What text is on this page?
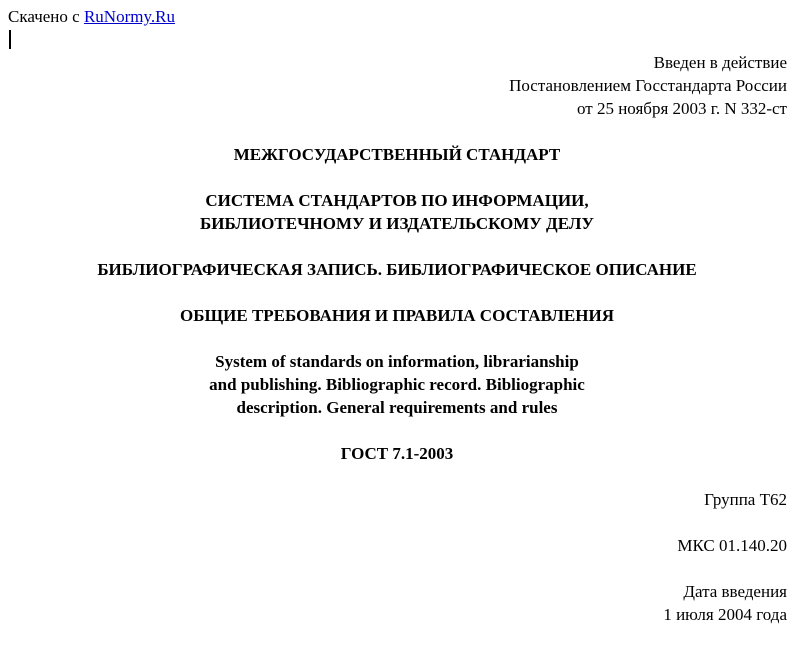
Скачено с RuNormy.Ru
Введен в действие
Постановлением Госстандарта России
от 25 ноября 2003 г. N 332-ст
МЕЖГОСУДАРСТВЕННЫЙ СТАНДАРТ
СИСТЕМА СТАНДАРТОВ ПО ИНФОРМАЦИИ,
БИБЛИОТЕЧНОМУ И ИЗДАТЕЛЬСКОМУ ДЕЛУ
БИБЛИОГРАФИЧЕСКАЯ ЗАПИСЬ. БИБЛИОГРАФИЧЕСКОЕ ОПИСАНИЕ
ОБЩИЕ ТРЕБОВАНИЯ И ПРАВИЛА СОСТАВЛЕНИЯ
System of standards on information, librarianship
and publishing. Bibliographic record. Bibliographic
description. General requirements and rules
ГОСТ 7.1-2003
Группа Т62
МКС 01.140.20
Дата введения
1 июля 2004 года
